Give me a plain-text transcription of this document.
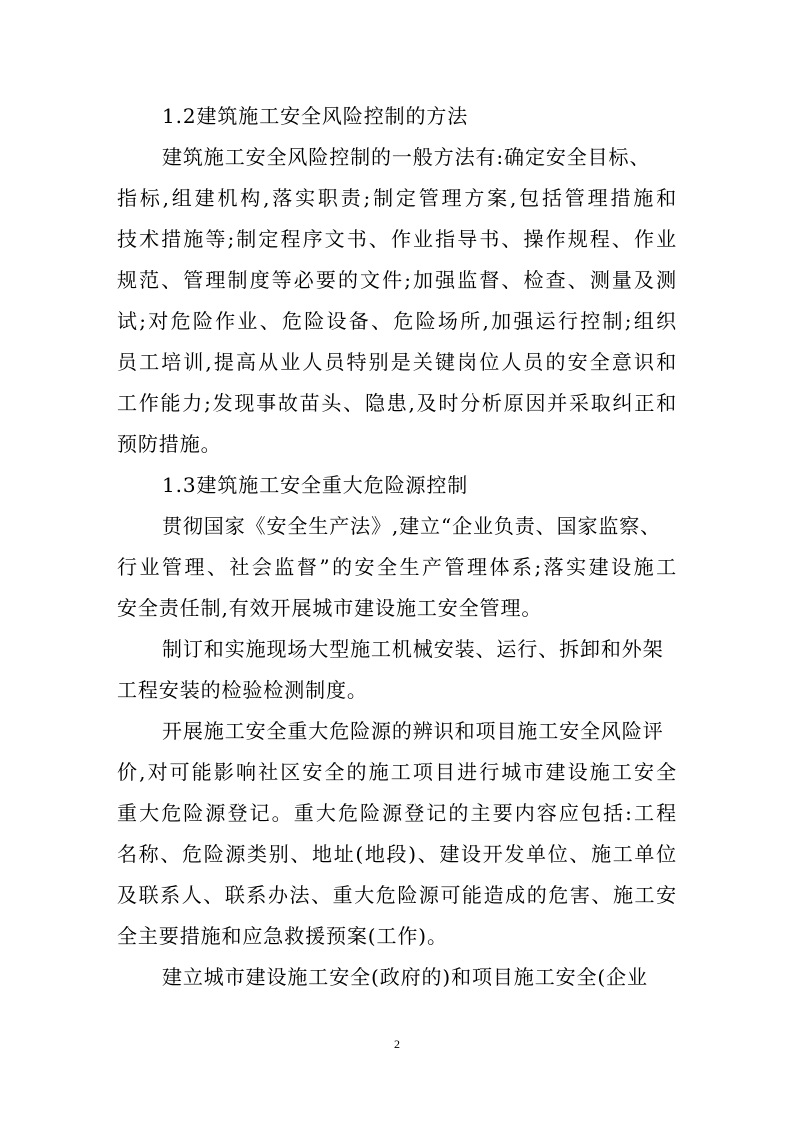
1.2建筑施工安全风险控制的方法
建筑施工安全风险控制的一般方法有:确定安全目标、
指标,组建机构,落实职责;制定管理方案,包括管理措施和
技术措施等;制定程序文书、作业指导书、操作规程、作业
规范、管理制度等必要的文件;加强监督、检查、测量及测
试;对危险作业、危险设备、危险场所,加强运行控制;组织
员工培训,提高从业人员特别是关键岗位人员的安全意识和
工作能力;发现事故苗头、隐患,及时分析原因并采取纠正和
预防措施。
1.3建筑施工安全重大危险源控制
贯彻国家《安全生产法》,建立“企业负责、国家监察、
行业管理、社会监督”的安全生产管理体系;落实建设施工
安全责任制,有效开展城市建设施工安全管理。
制订和实施现场大型施工机械安装、运行、拆卸和外架
工程安装的检验检测制度。
开展施工安全重大危险源的辨识和项目施工安全风险评
价,对可能影响社区安全的施工项目进行城市建设施工安全
重大危险源登记。重大危险源登记的主要内容应包括:工程
名称、危险源类别、地址(地段)、建设开发单位、施工单位
及联系人、联系办法、重大危险源可能造成的危害、施工安
全主要措施和应急救援预案(工作)。
建立城市建设施工安全(政府的)和项目施工安全(企业
2
